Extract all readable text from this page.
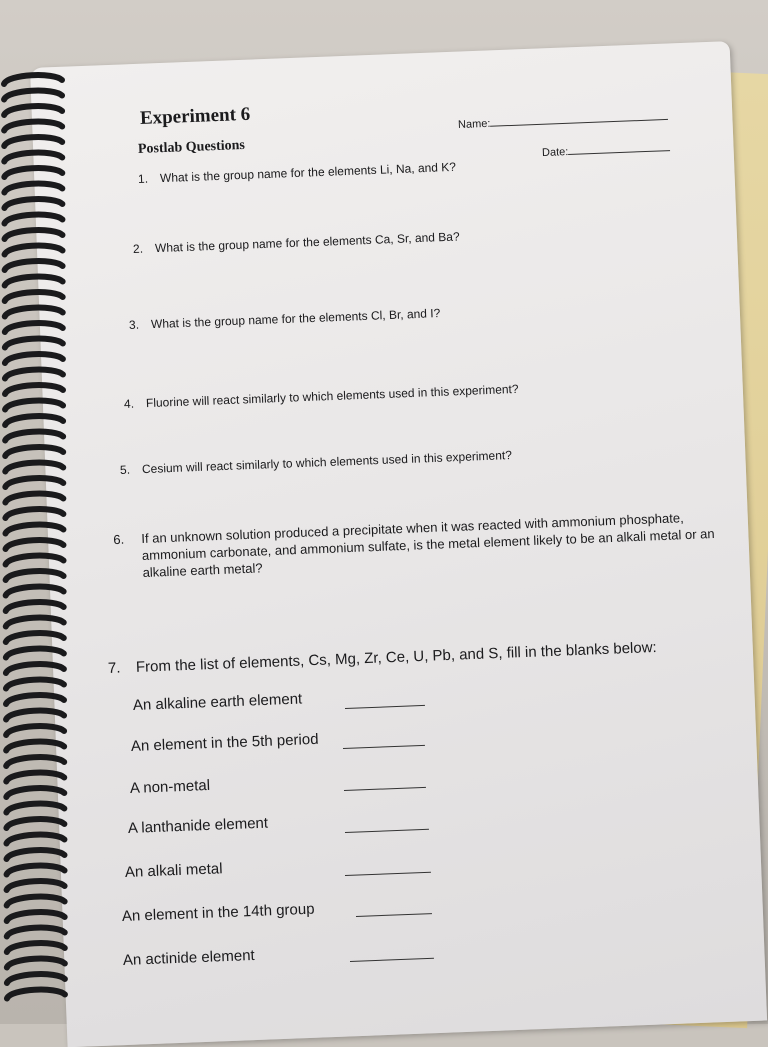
Experiment 6
Postlab Questions
Name:
Date:
1. What is the group name for the elements Li, Na, and K?
2. What is the group name for the elements Ca, Sr, and Ba?
3. What is the group name for the elements Cl, Br, and I?
4. Fluorine will react similarly to which elements used in this experiment?
5. Cesium will react similarly to which elements used in this experiment?
6. If an unknown solution produced a precipitate when it was reacted with ammonium phosphate, ammonium carbonate, and ammonium sulfate, is the metal element likely to be an alkali metal or an alkaline earth metal?
7. From the list of elements, Cs, Mg, Zr, Ce, U, Pb, and S, fill in the blanks below:
An alkaline earth element
An element in the 5th period
A non-metal
A lanthanide element
An alkali metal
An element in the 14th group
An actinide element
